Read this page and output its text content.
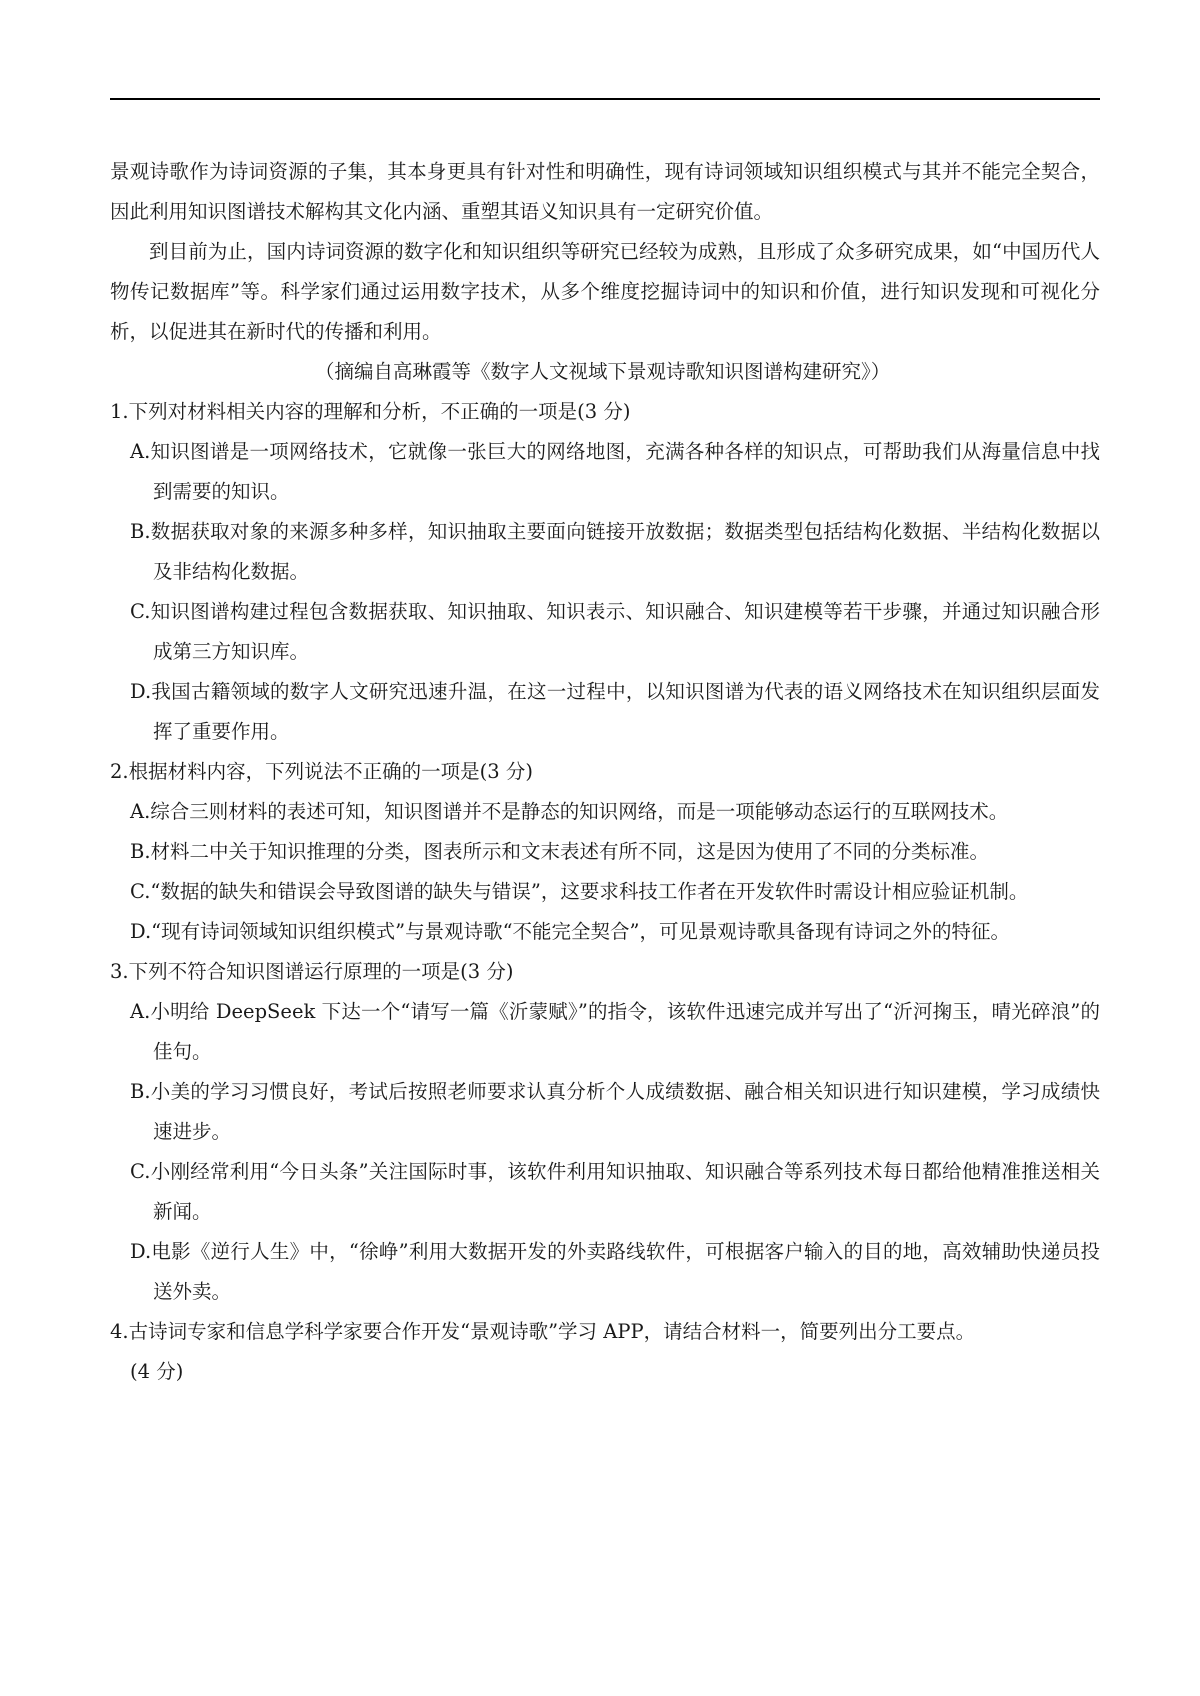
景观诗歌作为诗词资源的子集，其本身更具有针对性和明确性，现有诗词领域知识组织模式与其并不能完全契合，因此利用知识图谱技术解构其文化内涵、重塑其语义知识具有一定研究价值。

到目前为止，国内诗词资源的数字化和知识组织等研究已经较为成熟，且形成了众多研究成果，如“中国历代人物传记数据库”等。科学家们通过运用数字技术，从多个维度挖掘诗词中的知识和价值，进行知识发现和可视化分析，以促进其在新时代的传播和利用。

（摘编自高琳霞等《数字人文视域下景观诗歌知识图谱构建研究》）

1.下列对材料相关内容的理解和分析，不正确的一项是(3 分)

A.知识图谱是一项网络技术，它就像一张巨大的网络地图，充满各种各样的知识点，可帮助我们从海量信息中找到需要的知识。

B.数据获取对象的来源多种多样，知识抽取主要面向链接开放数据；数据类型包括结构化数据、半结构化数据以及非结构化数据。

C.知识图谱构建过程包含数据获取、知识抽取、知识表示、知识融合、知识建模等若干步骤，并通过知识融合形成第三方知识库。

D.我国古籍领域的数字人文研究迅速升温，在这一过程中，以知识图谱为代表的语义网络技术在知识组织层面发挥了重要作用。

2.根据材料内容，下列说法不正确的一项是(3 分)

A.综合三则材料的表述可知，知识图谱并不是静态的知识网络，而是一项能够动态运行的互联网技术。

B.材料二中关于知识推理的分类，图表所示和文末表述有所不同，这是因为使用了不同的分类标准。

C.“数据的缺失和错误会导致图谱的缺失与错误”，这要求科技工作者在开发软件时需设计相应验证机制。

D.“现有诗词领域知识组织模式”与景观诗歌“不能完全契合”，可见景观诗歌具备现有诗词之外的特征。

3.下列不符合知识图谱运行原理的一项是(3 分)

A.小明给 DeepSeek 下达一个“请写一篇《沂蒙赋》”的指令，该软件迅速完成并写出了“沂河掬玉，晴光碎浪”的佳句。

B.小美的学习习惯良好，考试后按照老师要求认真分析个人成绩数据、融合相关知识进行知识建模，学习成绩快速进步。

C.小刚经常利用“今日头条”关注国际时事，该软件利用知识抽取、知识融合等系列技术每日都给他精准推送相关新闻。

D.电影《逆行人生》中，“徐峥”利用大数据开发的外卖路线软件，可根据客户输入的目的地，高效辅助快递员投送外卖。

4.古诗词专家和信息学科学家要合作开发“景观诗歌”学习 APP，请结合材料一，简要列出分工要点。

(4 分)
